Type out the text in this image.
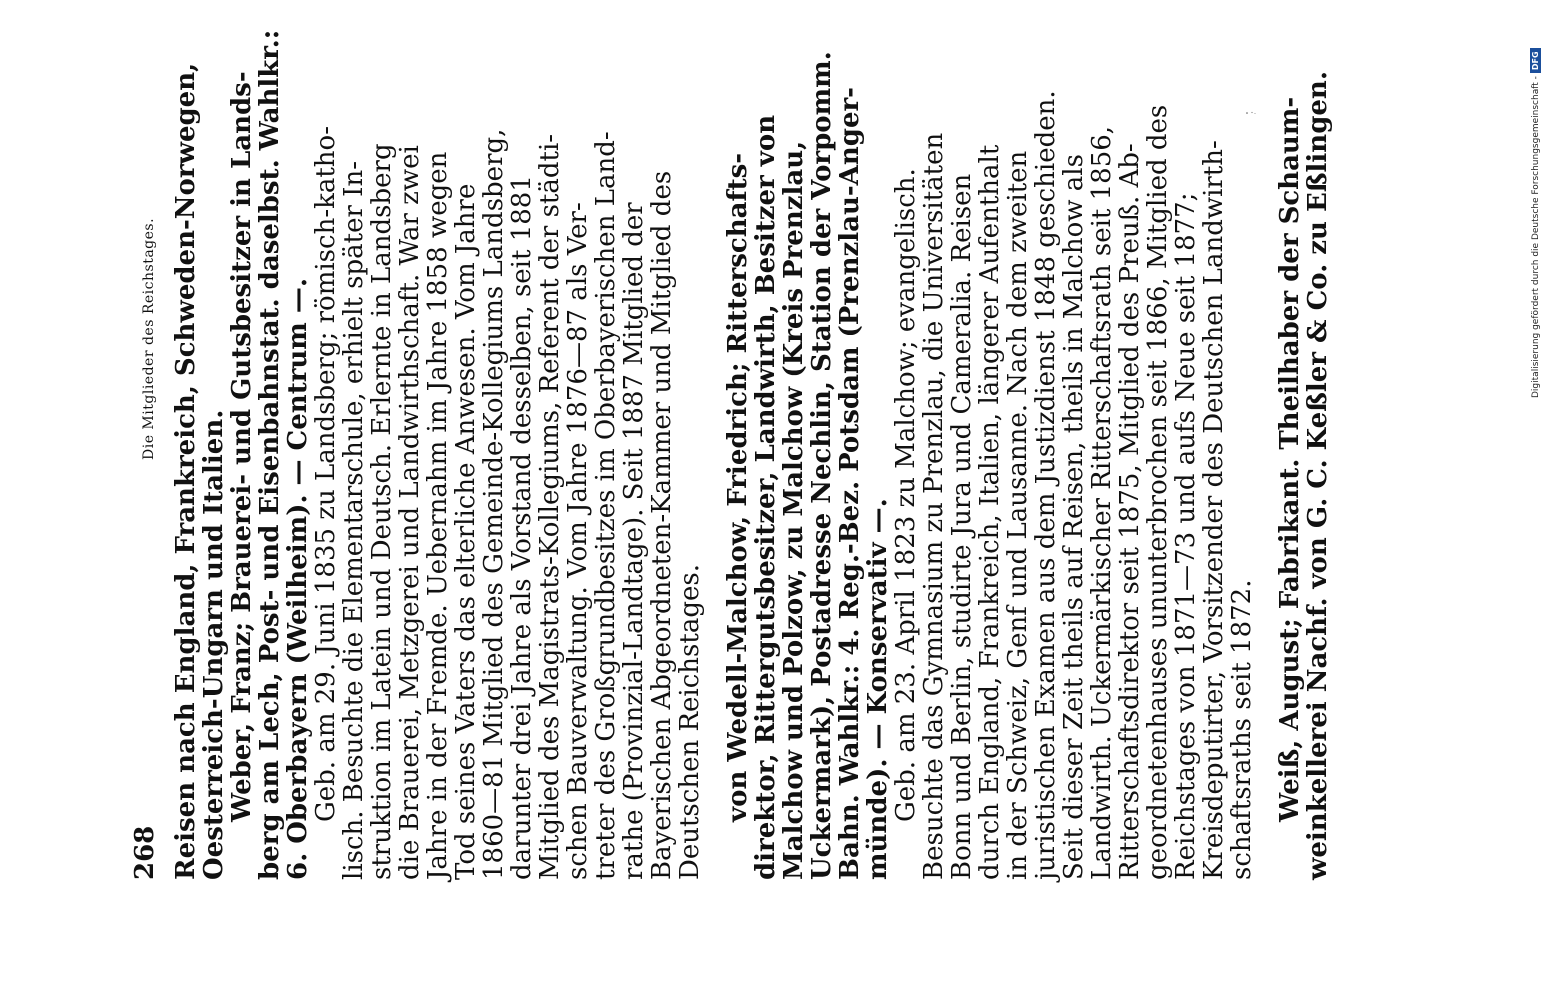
268
Die Mitglieder des Reichstages. Reisen nach England, Frankreich, Schweden-Norwegen,
Oesterreich-Ungarn und Italien.
Weber, Franz; Brauerei- und Gutsbesitzer in Lands-
berg am Lech, Post- und Eisenbahnstat. daselbst. Wahlkr.:
6. Oberbayern (Weilheim). — Centrum —.
Geb. am 29. Juni 1835 zu Landsberg; römisch-katho-
lisch. Besuchte die Elementarschule, erhielt später In-
struktion im Latein und Deutsch. Erlernte in Landsberg
die Brauerei, Metzgerei und Landwirthschaft. War zwei
Jahre in der Fremde. Uebernahm im Jahre 1858 wegen
Tod seines Vaters das elterliche Anwesen. Vom Jahre
1860—81 Mitglied des Gemeinde-Kollegiums Landsberg,
darunter drei Jahre als Vorstand desselben, seit 1881
Mitglied des Magistrats-Kollegiums, Referent der städti-
schen Bauverwaltung. Vom Jahre 1876—87 als Ver-
treter des Großgrundbesitzes im Oberbayerischen Land-
rathe (Provinzial-Landtage). Seit 1887 Mitglied der
Bayerischen Abgeordneten-Kammer und Mitglied des
Deutschen Reichstages. von Wedell-Malchow, Friedrich; Ritterschafts-
direktor, Rittergutsbesitzer, Landwirth, Besitzer von
Malchow und Polzow, zu Malchow (Kreis Prenzlau,
Uckermark), Postadresse Nechlin, Station der Vorpomm.
Bahn. Wahlkr.: 4. Reg.-Bez. Potsdam (Prenzlau-Anger-
münde). — Konservativ —.
Geb. am 23. April 1823 zu Malchow; evangelisch.
Besuchte das Gymnasium zu Prenzlau, die Universitäten
Bonn und Berlin, studirte Jura und Cameralia. Reisen
durch England, Frankreich, Italien, längerer Aufenthalt
in der Schweiz, Genf und Lausanne. Nach dem zweiten
juristischen Examen aus dem Justizdienst 1848 geschieden.
Seit dieser Zeit theils auf Reisen, theils in Malchow als
Landwirth. Uckermärkischer Ritterschaftsrath seit 1856,
Ritterschaftsdirektor seit 1875, Mitglied des Preuß. Ab-
geordnetenhauses ununterbrochen seit 1866, Mitglied des
Reichstages von 1871—73 und aufs Neue seit 1877;
Kreisdeputirter, Vorsitzender des Deutschen Landwirth-
schaftsraths seit 1872. Weiß, August; Fabrikant. Theilhaber der Schaum-
weinkellerei Nachf. von G. C. Keßler & Co. zu Eßlingen.	Digitalisierung gefördert durch die Deutsche Forschungsgemeinschaft -
DFG
